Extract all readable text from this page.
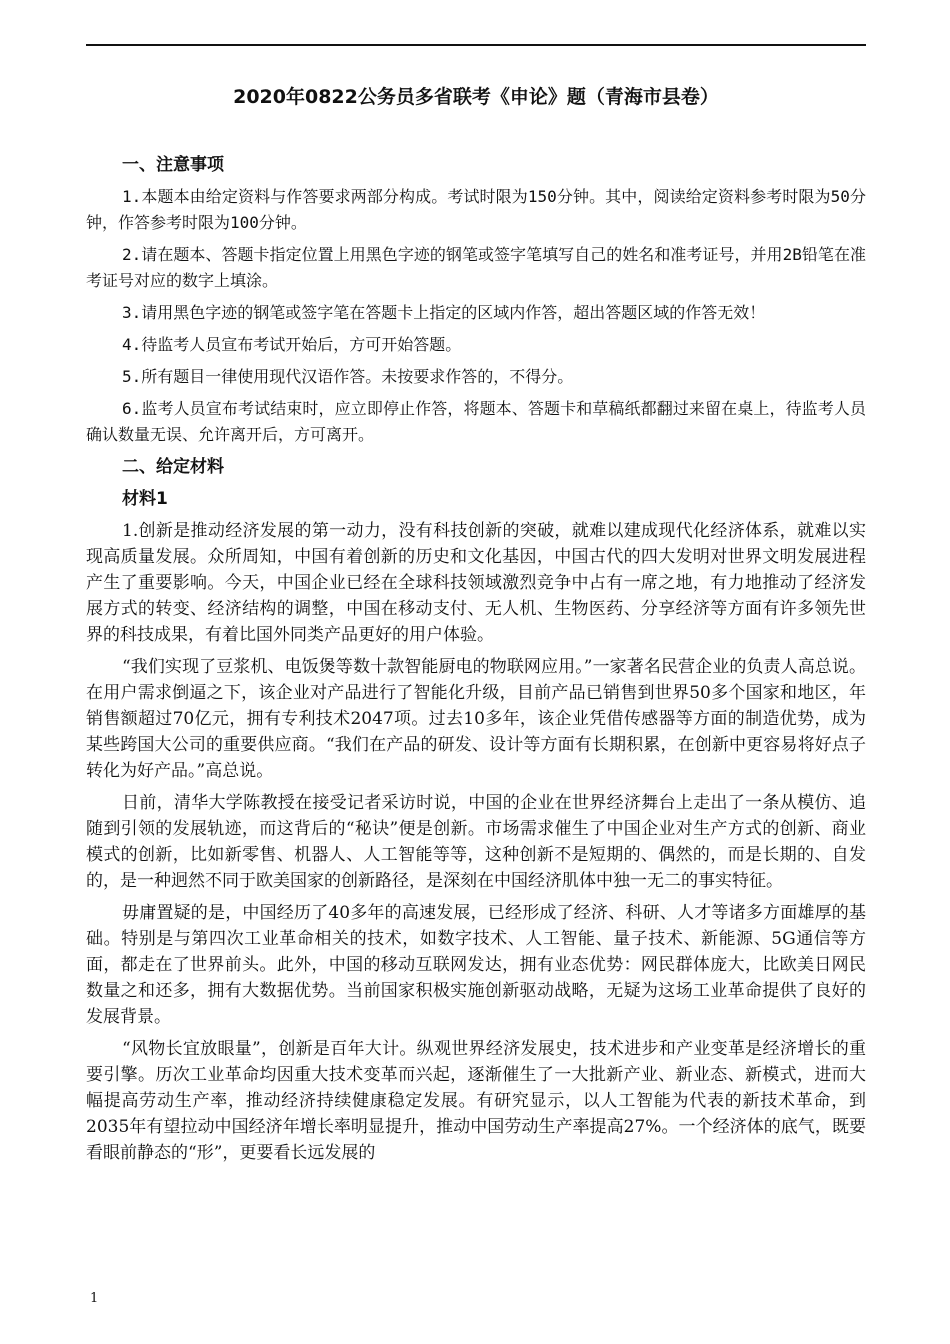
2020年0822公务员多省联考《申论》题（青海市县卷）
一、注意事项

1.本题本由给定资料与作答要求两部分构成。考试时限为150分钟。其中，阅读给定资料参考时限为50分钟，作答参考时限为100分钟。

2.请在题本、答题卡指定位置上用黑色字迹的钢笔或签字笔填写自己的姓名和准考证号，并用2B铅笔在准考证号对应的数字上填涂。

3.请用黑色字迹的钢笔或签字笔在答题卡上指定的区域内作答，超出答题区域的作答无效！

4.待监考人员宣布考试开始后，方可开始答题。

5.所有题目一律使用现代汉语作答。未按要求作答的，不得分。

6.监考人员宣布考试结束时，应立即停止作答，将题本、答题卡和草稿纸都翻过来留在桌上，待监考人员确认数量无误、允许离开后，方可离开。

二、给定材料
材料1

1.创新是推动经济发展的第一动力，没有科技创新的突破，就难以建成现代化经济体系，就难以实现高质量发展。众所周知，中国有着创新的历史和文化基因，中国古代的四大发明对世界文明发展进程产生了重要影响。今天，中国企业已经在全球科技领域激烈竞争中占有一席之地，有力地推动了经济发展方式的转变、经济结构的调整，中国在移动支付、无人机、生物医药、分享经济等方面有许多领先世界的科技成果，有着比国外同类产品更好的用户体验。

“我们实现了豆浆机、电饭煲等数十款智能厨电的物联网应用。”一家著名民营企业的负责人高总说。在用户需求倒逼之下，该企业对产品进行了智能化升级，目前产品已销售到世界50多个国家和地区，年销售额超过70亿元，拥有专利技术2047项。过去10多年，该企业凭借传感器等方面的制造优势，成为某些跨国大公司的重要供应商。“我们在产品的研发、设计等方面有长期积累，在创新中更容易将好点子转化为好产品。”高总说。

日前，清华大学陈教授在接受记者采访时说，中国的企业在世界经济舞台上走出了一条从模仿、追随到引领的发展轨迹，而这背后的“秘诀”便是创新。市场需求催生了中国企业对生产方式的创新、商业模式的创新，比如新零售、机器人、人工智能等等，这种创新不是短期的、偶然的，而是长期的、自发的，是一种迥然不同于欧美国家的创新路径，是深刻在中国经济肌体中独一无二的事实特征。

毋庸置疑的是，中国经历了40多年的高速发展，已经形成了经济、科研、人才等诸多方面雄厚的基础。特别是与第四次工业革命相关的技术，如数字技术、人工智能、量子技术、新能源、5G通信等方面，都走在了世界前头。此外，中国的移动互联网发达，拥有业态优势：网民群体庞大，比欧美日网民数量之和还多，拥有大数据优势。当前国家积极实施创新驱动战略，无疑为这场工业革命提供了良好的发展背景。

“风物长宜放眼量”，创新是百年大计。纵观世界经济发展史，技术进步和产业变革是经济增长的重要引擎。历次工业革命均因重大技术变革而兴起，逐渐催生了一大批新产业、新业态、新模式，进而大幅提高劳动生产率，推动经济持续健康稳定发展。有研究显示，以人工智能为代表的新技术革命，到2035年有望拉动中国经济年增长率明显提升，推动中国劳动生产率提高27%。一个经济体的底气，既要看眼前静态的“形”，更要看长远发展的

1
